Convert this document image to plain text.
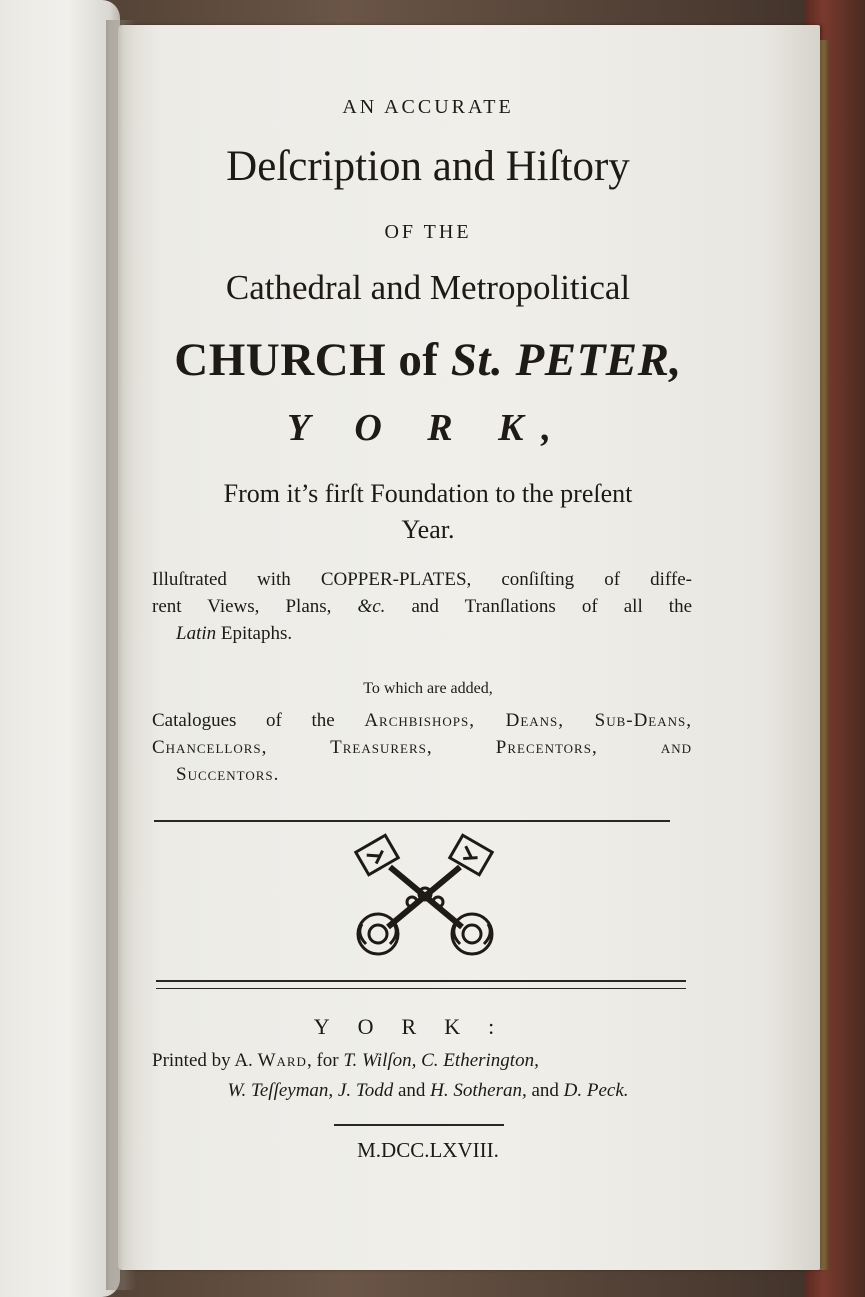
AN ACCURATE
Deſcription and Hiſtory
OF THE
Cathedral and Metropolitical
CHURCH of St. PETER,
Y O R K,
From it’s firſt Foundation to the preſent
Year.
Illuſtrated with COPPER-PLATES, conſiſting of diffe-
rent Views, Plans, &c. and Tranſlations of all the
Latin Epitaphs.
To which are added,
Catalogues of the Archbishops, Deans, Sub-Deans,
Chancellors, Treasurers, Precentors, and
Succentors.
YORK:
Printed by A. Ward, for T. Wilſon, C. Etherington,
W. Teſſeyman, J. Todd and H. Sotheran, and D. Peck.
M.DCC.LXVIII.
